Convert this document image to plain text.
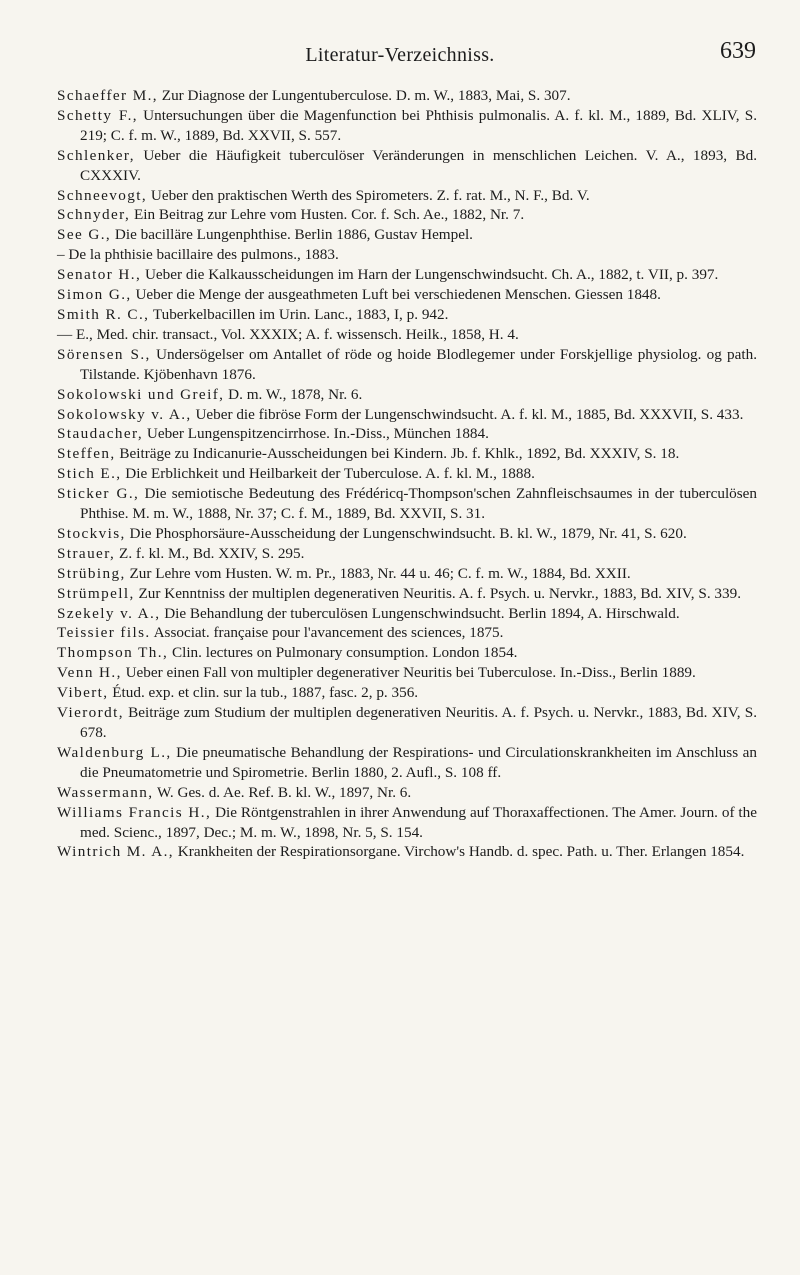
Literatur-Verzeichniss.	639
Schaeffer M., Zur Diagnose der Lungentuberculose. D. m. W., 1883, Mai, S. 307.
Schetty F., Untersuchungen über die Magenfunction bei Phthisis pulmonalis. A. f. kl. M., 1889, Bd. XLIV, S. 219; C. f. m. W., 1889, Bd. XXVII, S. 557.
Schlenker, Ueber die Häufigkeit tuberculöser Veränderungen in menschlichen Leichen. V. A., 1893, Bd. CXXXIV.
Schneevogt, Ueber den praktischen Werth des Spirometers. Z. f. rat. M., N. F., Bd. V.
Schnyder, Ein Beitrag zur Lehre vom Husten. Cor. f. Sch. Ae., 1882, Nr. 7.
See G., Die bacilläre Lungenphthise. Berlin 1886, Gustav Hempel.
– De la phthisie bacillaire des pulmons., 1883.
Senator H., Ueber die Kalkausscheidungen im Harn der Lungenschwindsucht. Ch. A., 1882, t. VII, p. 397.
Simon G., Ueber die Menge der ausgeathmeten Luft bei verschiedenen Menschen. Giessen 1848.
Smith R. C., Tuberkelbacillen im Urin. Lanc., 1883, I, p. 942.
— E., Med. chir. transact., Vol. XXXIX; A. f. wissensch. Heilk., 1858, H. 4.
Sörensen S., Undersögelser om Antallet of röde og hoide Blodlegemer under Forskjellige physiolog. og path. Tilstande. Kjöbenhavn 1876.
Sokolowski und Greif, D. m. W., 1878, Nr. 6.
Sokolowsky v. A., Ueber die fibröse Form der Lungenschwindsucht. A. f. kl. M., 1885, Bd. XXXVII, S. 433.
Staudacher, Ueber Lungenspitzencirrhose. In.-Diss., München 1884.
Steffen, Beiträge zu Indicanurie-Ausscheidungen bei Kindern. Jb. f. Khlk., 1892, Bd. XXXIV, S. 18.
Stich E., Die Erblichkeit und Heilbarkeit der Tuberculose. A. f. kl. M., 1888.
Sticker G., Die semiotische Bedeutung des Frédéricq-Thompson'schen Zahnfleischsaumes in der tuberculösen Phthise. M. m. W., 1888, Nr. 37; C. f. M., 1889, Bd. XXVII, S. 31.
Stockvis, Die Phosphorsäure-Ausscheidung der Lungenschwindsucht. B. kl. W., 1879, Nr. 41, S. 620.
Strauer, Z. f. kl. M., Bd. XXIV, S. 295.
Strübing, Zur Lehre vom Husten. W. m. Pr., 1883, Nr. 44 u. 46; C. f. m. W., 1884, Bd. XXII.
Strümpell, Zur Kenntniss der multiplen degenerativen Neuritis. A. f. Psych. u. Nervkr., 1883, Bd. XIV, S. 339.
Szekely v. A., Die Behandlung der tuberculösen Lungenschwindsucht. Berlin 1894, A. Hirschwald.
Teissier fils. Associat. française pour l'avancement des sciences, 1875.
Thompson Th., Clin. lectures on Pulmonary consumption. London 1854.
Venn H., Ueber einen Fall von multipler degenerativer Neuritis bei Tuberculose. In.-Diss., Berlin 1889.
Vibert, Étud. exp. et clin. sur la tub., 1887, fasc. 2, p. 356.
Vierordt, Beiträge zum Studium der multiplen degenerativen Neuritis. A. f. Psych. u. Nervkr., 1883, Bd. XIV, S. 678.
Waldenburg L., Die pneumatische Behandlung der Respirations- und Circulationskrankheiten im Anschluss an die Pneumatometrie und Spirometrie. Berlin 1880, 2. Aufl., S. 108 ff.
Wassermann, W. Ges. d. Ae. Ref. B. kl. W., 1897, Nr. 6.
Williams Francis H., Die Röntgenstrahlen in ihrer Anwendung auf Thoraxaffectionen. The Amer. Journ. of the med. Scienc., 1897, Dec.; M. m. W., 1898, Nr. 5, S. 154.
Wintrich M. A., Krankheiten der Respirationsorgane. Virchow's Handb. d. spec. Path. u. Ther. Erlangen 1854.
